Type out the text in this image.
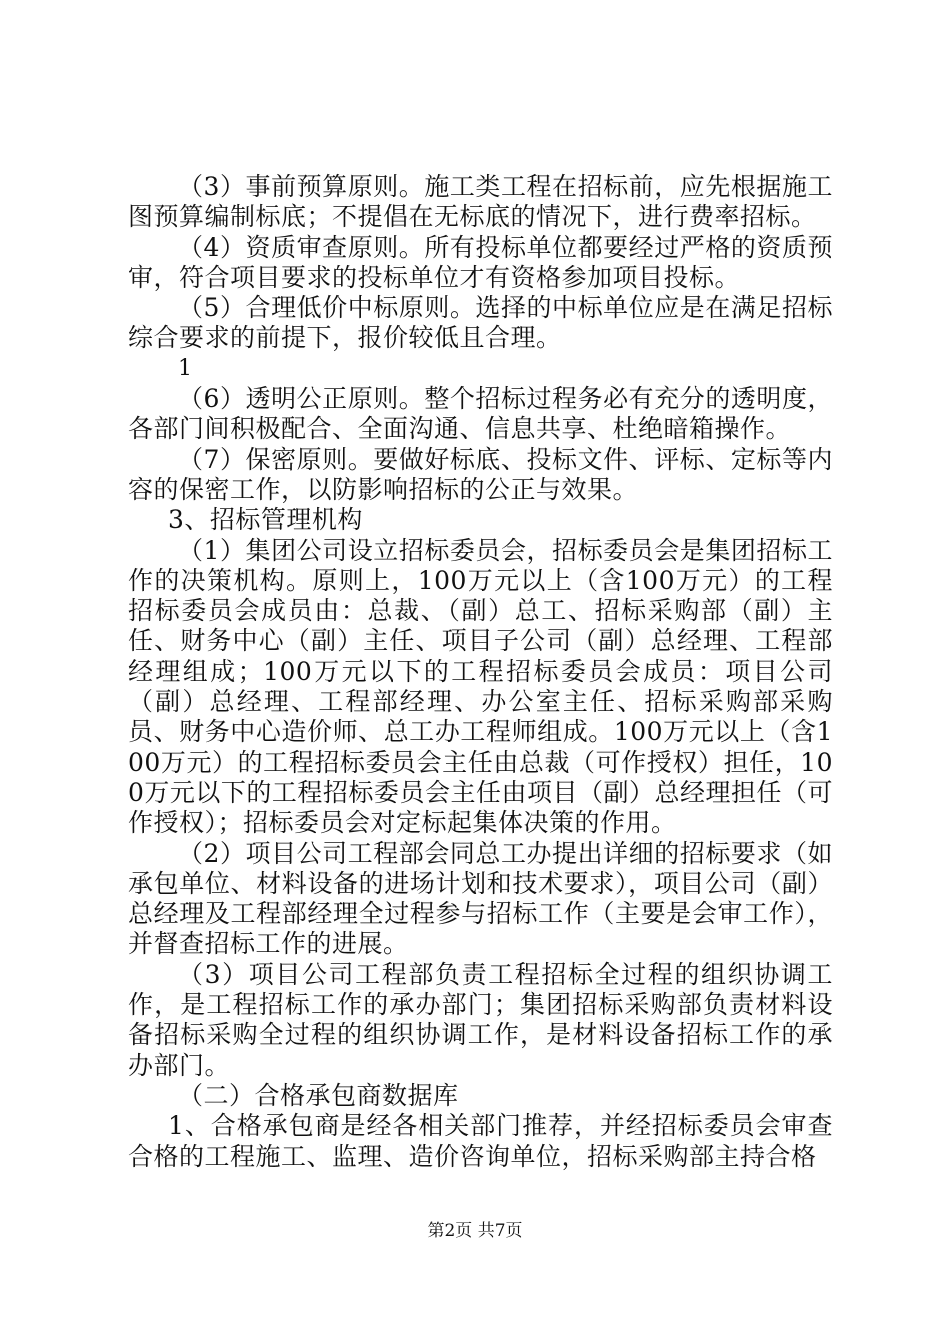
（3）事前预算原则。施工类工程在招标前，应先根据施工图预算编制标底；不提倡在无标底的情况下，进行费率招标。

（4）资质审查原则。所有投标单位都要经过严格的资质预审，符合项目要求的投标单位才有资格参加项目投标。

（5）合理低价中标原则。选择的中标单位应是在满足招标综合要求的前提下，报价较低且合理。

1

（6）透明公正原则。整个招标过程务必有充分的透明度，各部门间积极配合、全面沟通、信息共享、杜绝暗箱操作。

（7）保密原则。要做好标底、投标文件、评标、定标等内容的保密工作，以防影响招标的公正与效果。

3、招标管理机构

（1）集团公司设立招标委员会，招标委员会是集团招标工作的决策机构。原则上，100万元以上（含100万元）的工程招标委员会成员由：总裁、（副）总工、招标采购部（副）主任、财务中心（副）主任、项目子公司（副）总经理、工程部经理组成；100万元以下的工程招标委员会成员：项目公司（副）总经理、工程部经理、办公室主任、招标采购部采购员、财务中心造价师、总工办工程师组成。100万元以上（含100万元）的工程招标委员会主任由总裁（可作授权）担任，100万元以下的工程招标委员会主任由项目（副）总经理担任（可作授权）；招标委员会对定标起集体决策的作用。

（2）项目公司工程部会同总工办提出详细的招标要求（如承包单位、材料设备的进场计划和技术要求），项目公司（副）总经理及工程部经理全过程参与招标工作（主要是会审工作），并督查招标工作的进展。

（3）项目公司工程部负责工程招标全过程的组织协调工作，是工程招标工作的承办部门；集团招标采购部负责材料设备招标采购全过程的组织协调工作，是材料设备招标工作的承办部门。

（二）合格承包商数据库

1、合格承包商是经各相关部门推荐，并经招标委员会审查合格的工程施工、监理、造价咨询单位，招标采购部主持合格

第2页 共7页
